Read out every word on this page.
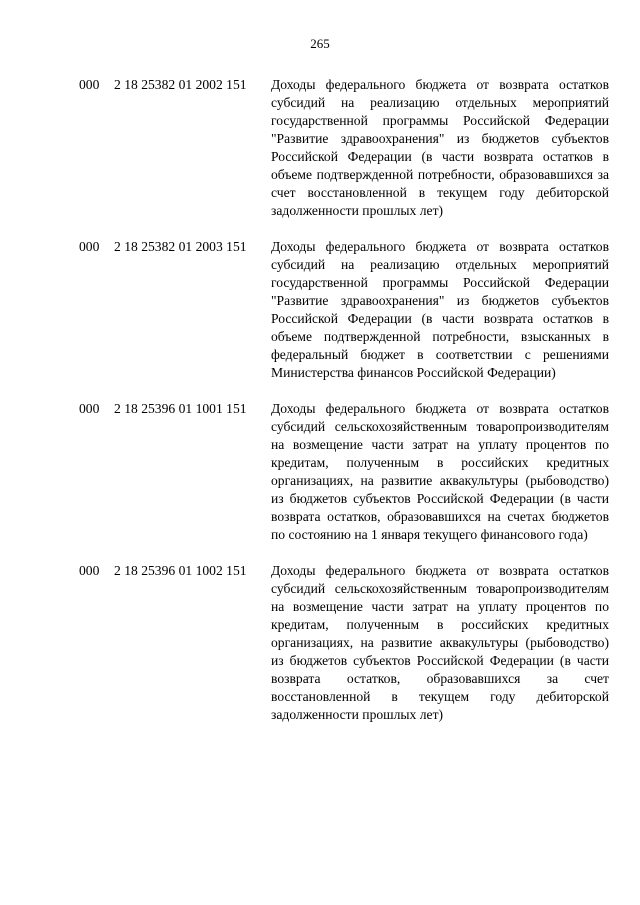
265
000 2 18 25382 01 2002 151 Доходы федерального бюджета от возврата остатков субсидий на реализацию отдельных мероприятий государственной программы Российской Федерации "Развитие здравоохранения" из бюджетов субъектов Российской Федерации (в части возврата остатков в объеме подтвержденной потребности, образовавшихся за счет восстановленной в текущем году дебиторской задолженности прошлых лет)
000 2 18 25382 01 2003 151 Доходы федерального бюджета от возврата остатков субсидий на реализацию отдельных мероприятий государственной программы Российской Федерации "Развитие здравоохранения" из бюджетов субъектов Российской Федерации (в части возврата остатков в объеме подтвержденной потребности, взысканных в федеральный бюджет в соответствии с решениями Министерства финансов Российской Федерации)
000 2 18 25396 01 1001 151 Доходы федерального бюджета от возврата остатков субсидий сельскохозяйственным товаропроизводителям на возмещение части затрат на уплату процентов по кредитам, полученным в российских кредитных организациях, на развитие аквакультуры (рыбоводство) из бюджетов субъектов Российской Федерации (в части возврата остатков, образовавшихся на счетах бюджетов по состоянию на 1 января текущего финансового года)
000 2 18 25396 01 1002 151 Доходы федерального бюджета от возврата остатков субсидий сельскохозяйственным товаропроизводителям на возмещение части затрат на уплату процентов по кредитам, полученным в российских кредитных организациях, на развитие аквакультуры (рыбоводство) из бюджетов субъектов Российской Федерации (в части возврата остатков, образовавшихся за счет восстановленной в текущем году дебиторской задолженности прошлых лет)
